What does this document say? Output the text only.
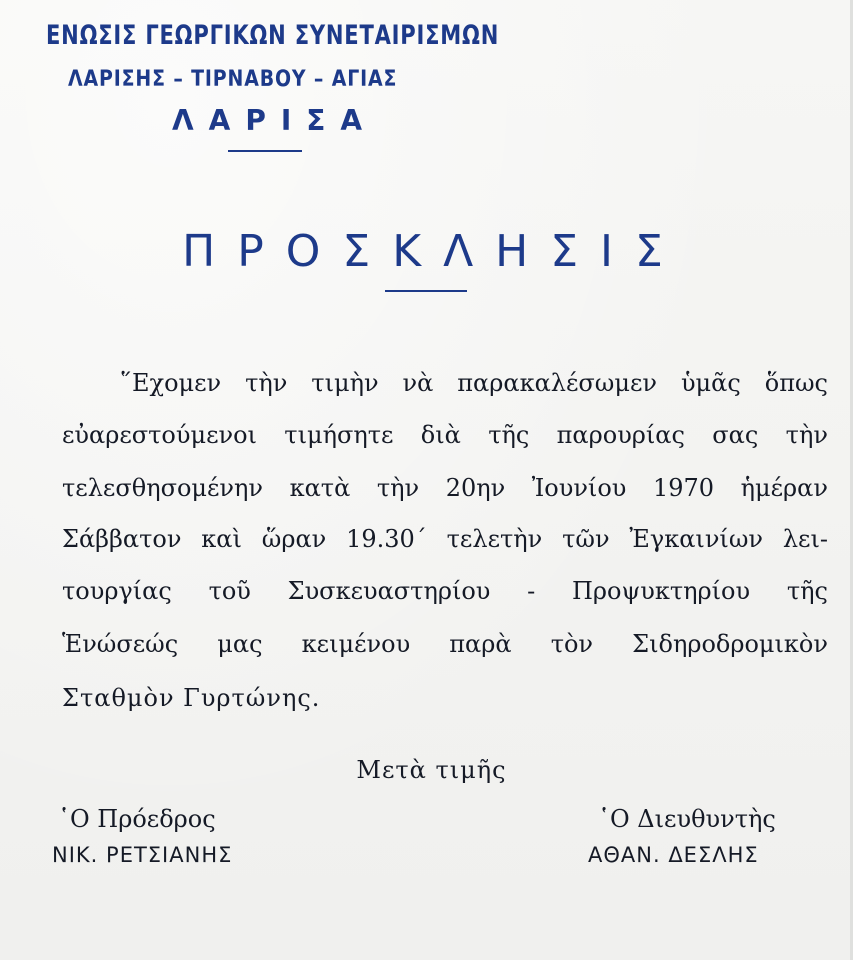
ΕΝΩΣΙΣ ΓΕΩΡΓΙΚΩΝ ΣΥΝΕΤΑΙΡΙΣΜΩΝ
ΛΑΡΙΣΗΣ – ΤΙΡΝΑΒΟΥ – ΑΓΙΑΣ
ΛΑΡΙΣΑ
ΠΡΟΣΚΛΗΣΙΣ
῞Εχομεν τὴν τιμὴν νὰ παρακαλέσωμεν ὑμᾶς ὅπως
εὐαρεστούμενοι τιμήσητε διὰ τῆς παρουρίας σας τὴν
τελεσθησομένην κατὰ τὴν 20ην Ἰουνίου 1970 ἡμέραν
Σάββατον καὶ ὥραν 19.30΄ τελετὴν τῶν Ἐγκαινίων λει-
τουργίας τοῦ Συσκευαστηρίου - Προψυκτηρίου τῆς
Ἑνώσεώς μας κειμένου παρὰ τὸν Σιδηροδρομικὸν
Σταθμὸν Γυρτώνης.
Μετὰ τιμῆς
῾Ο Πρόεδρος
ΝΙΚ. ΡΕΤΣΙΑΝΗΣ
῾Ο Διευθυντὴς
ΑΘΑΝ. ΔΕΣΛΗΣ
